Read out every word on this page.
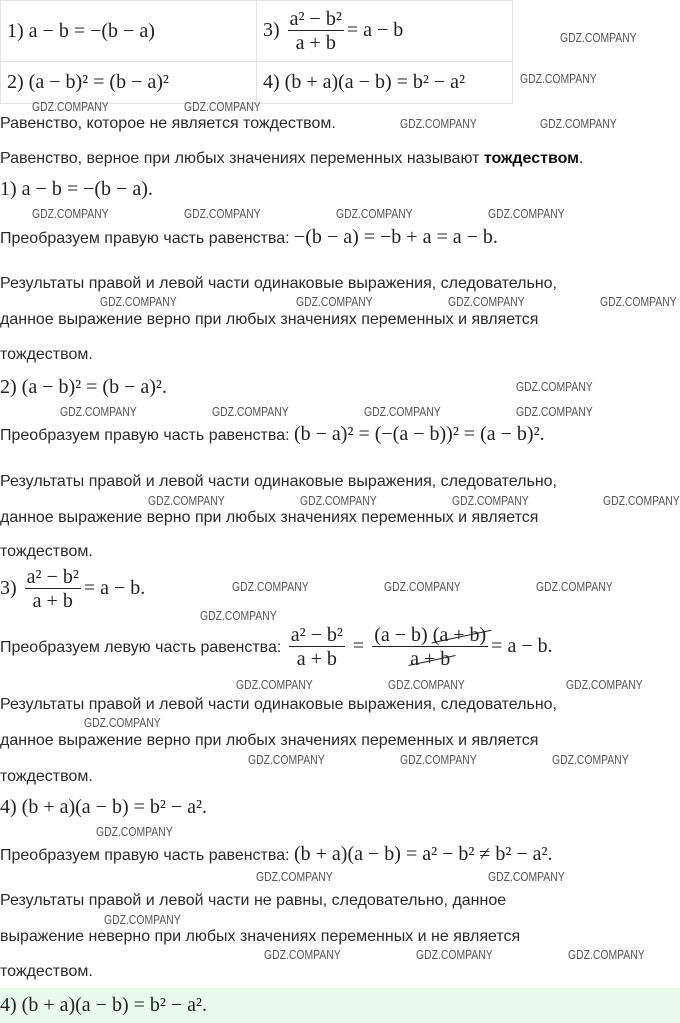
1) a − b = −(b − a)	$3) \frac{\text{a² − b²}}{a + b} = a - b$
2) (a − b)² = (b − a)²	4) (b + a)(a − b) = b² − a²
Равенство, которое не является тождеством.
Равенство, верное при любых значениях переменных называют тождеством.
1) a − b = −(b − a).
Преобразуем правую часть равенства: −(b − a) = −b + a = a − b.
Результаты правой и левой части одинаковые выражения, следовательно,
данное выражение верно при любых значениях переменных и является
тождеством.
2) (a − b)² = (b − a)².
Преобразуем правую часть равенства: (b − a)² = (−(a − b))² = (a − b)².
Результаты правой и левой части одинаковые выражения, следовательно,
данное выражение верно при любых значениях переменных и является
тождеством.
$3) \frac{\text{a² − b²}}{a + b} = a - b$.
Преобразуем левую часть равенства: $\frac{\text{a² − b²}}{a + b} = \frac{(a - b) (a + b)}{a + b} = a - b$.
Результаты правой и левой части одинаковые выражения, следовательно,
данное выражение верно при любых значениях переменных и является
тождеством.
4) (b + a)(a − b) = b² − a².
Преобразуем правую часть равенства: (b + a)(a − b) = a² − b² ≠ b² − a².
Результаты правой и левой части не равны, следовательно, данное
выражение неверно при любых значениях переменных и не является
тождеством.
4) (b + a)(a − b) = b² − a².
GDZ.COMPANY
GDZ.COMPANY
GDZ.COMPANY	GDZ.COMPANY
GDZ.COMPANY	GDZ.COMPANY
GDZ.COMPANY	GDZ.COMPANY	GDZ.COMPANY	GDZ.COMPANY
GDZ.COMPANY	GDZ.COMPANY	GDZ.COMPANY	GDZ.COMPANY
GDZ.COMPANY
GDZ.COMPANY	GDZ.COMPANY	GDZ.COMPANY	GDZ.COMPANY
GDZ.COMPANY	GDZ.COMPANY	GDZ.COMPANY	GDZ.COMPANY
GDZ.COMPANY	GDZ.COMPANY	GDZ.COMPANY
GDZ.COMPANY
GDZ.COMPANY	GDZ.COMPANY	GDZ.COMPANY
GDZ.COMPANY
GDZ.COMPANY	GDZ.COMPANY	GDZ.COMPANY
GDZ.COMPANY
GDZ.COMPANY	GDZ.COMPANY
GDZ.COMPANY
GDZ.COMPANY	GDZ.COMPANY	GDZ.COMPANY
